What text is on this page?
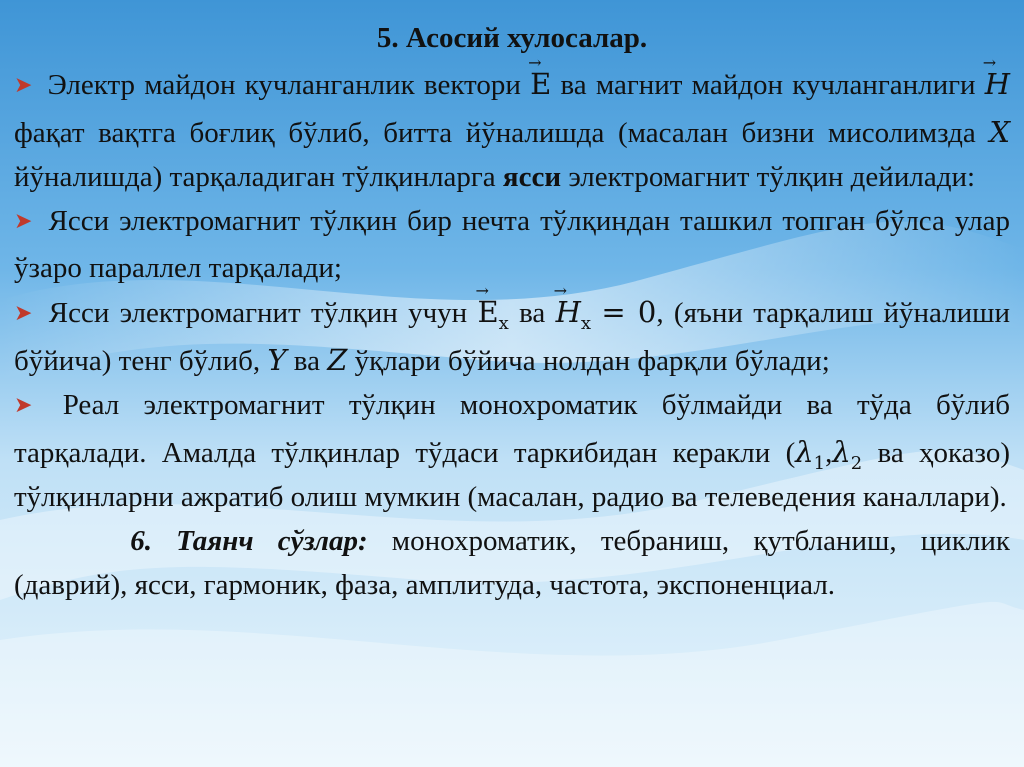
5. Асосий хулосалар.

➤ Электр майдон кучланганлик вектори
→
E ва магнит майдон кучланганлиги
→
H фақат вақтга боғлиқ бўлиб, битта йўналишда (масалан бизни мисолимзда X йўналишда) тарқаладиган тўлқинларга ясси электромагнит тўлқин дейилади:

➤ Ясси электромагнит тўлқин бир нечта тўлқиндан ташкил топган бўлса улар ўзаро параллел тарқалади;

➤ Ясси электромагнит тўлқин учун
→
$E_x$ ва
→
$H_x = 0$, (яъни тарқалиш йўналиши бўйича) тенг бўлиб, Y ва Z ўқлари бўйича нолдан фарқли бўлади;

➤ Реал электромагнит тўлқин монохроматик бўлмайди ва тўда бўлиб тарқалади. Амалда тўлқинлар тўдаси таркибидан керакли ($\lambda_1,\lambda_2$ ва ҳоказо) тўлқинларни ажратиб олиш мумкин (масалан, радио ва телеведения каналлари).

6. Таянч сўзлар: монохроматик, тебраниш, қутбланиш, циклик (даврий), ясси, гармоник, фаза, амплитуда, частота, экспоненциал.
